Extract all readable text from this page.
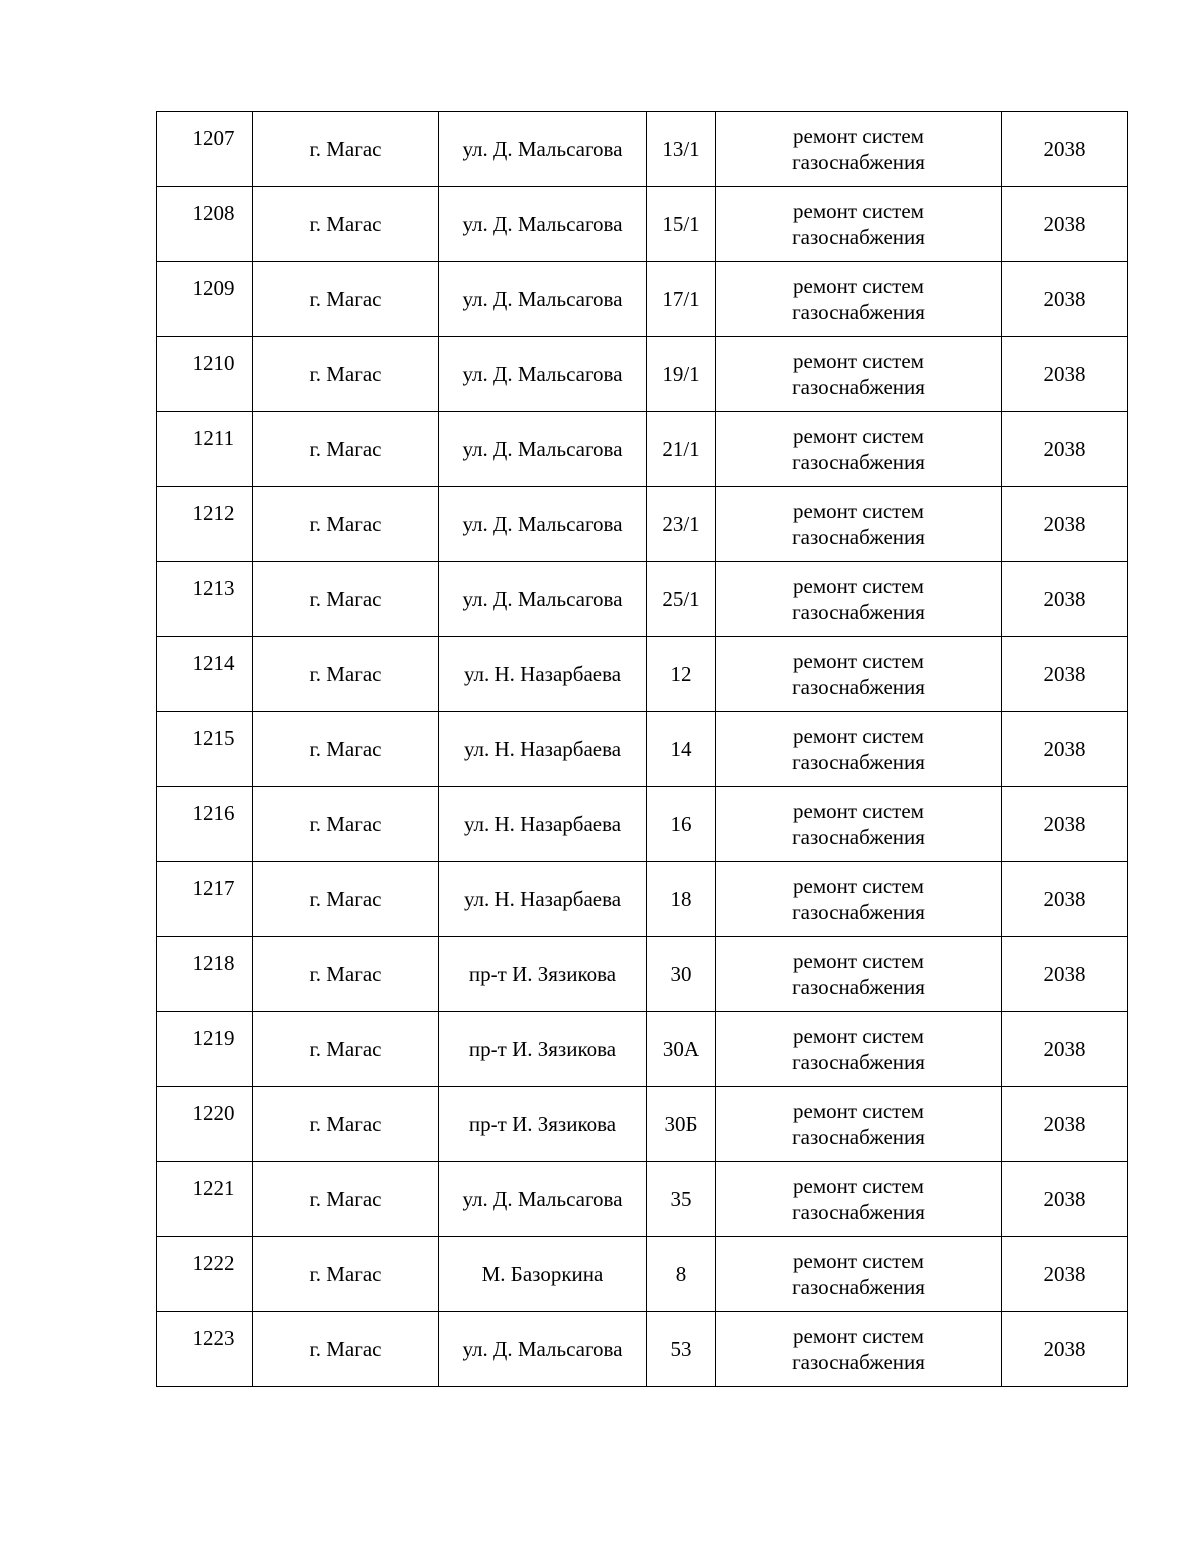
1207	г. Магас	ул. Д. Мальсагова	13/1	ремонт систем
газоснабжения	2038
1208	г. Магас	ул. Д. Мальсагова	15/1	ремонт систем
газоснабжения	2038
1209	г. Магас	ул. Д. Мальсагова	17/1	ремонт систем
газоснабжения	2038
1210	г. Магас	ул. Д. Мальсагова	19/1	ремонт систем
газоснабжения	2038
1211	г. Магас	ул. Д. Мальсагова	21/1	ремонт систем
газоснабжения	2038
1212	г. Магас	ул. Д. Мальсагова	23/1	ремонт систем
газоснабжения	2038
1213	г. Магас	ул. Д. Мальсагова	25/1	ремонт систем
газоснабжения	2038
1214	г. Магас	ул. Н. Назарбаева	12	ремонт систем
газоснабжения	2038
1215	г. Магас	ул. Н. Назарбаева	14	ремонт систем
газоснабжения	2038
1216	г. Магас	ул. Н. Назарбаева	16	ремонт систем
газоснабжения	2038
1217	г. Магас	ул. Н. Назарбаева	18	ремонт систем
газоснабжения	2038
1218	г. Магас	пр-т И. Зязикова	30	ремонт систем
газоснабжения	2038
1219	г. Магас	пр-т И. Зязикова	30А	ремонт систем
газоснабжения	2038
1220	г. Магас	пр-т И. Зязикова	30Б	ремонт систем
газоснабжения	2038
1221	г. Магас	ул. Д. Мальсагова	35	ремонт систем
газоснабжения	2038
1222	г. Магас	М. Базоркина	8	ремонт систем
газоснабжения	2038
1223	г. Магас	ул. Д. Мальсагова	53	ремонт систем
газоснабжения	2038
